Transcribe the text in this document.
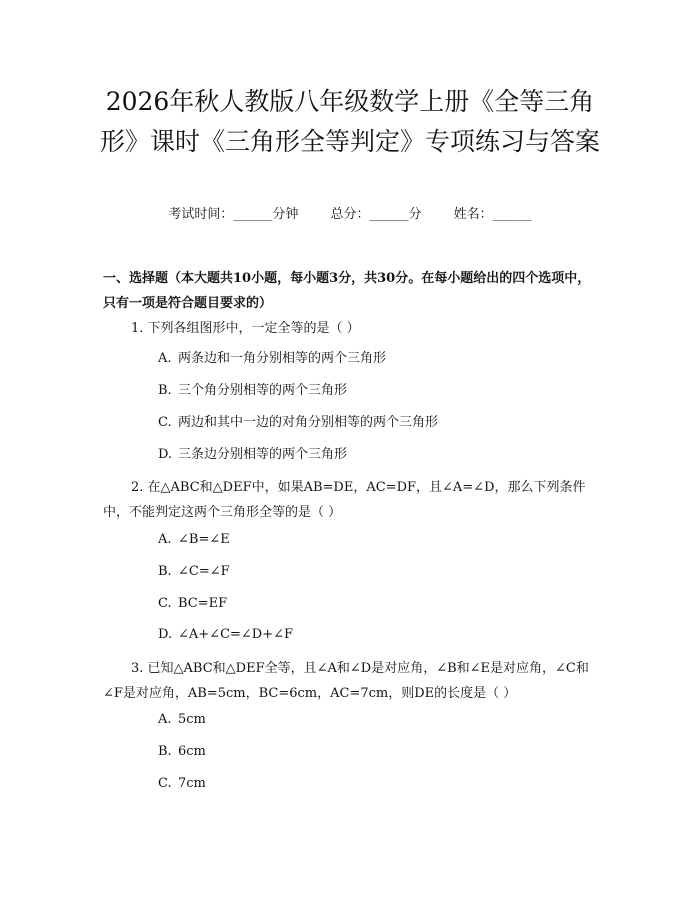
2026年秋人教版八年级数学上册《全等三角形》课时《三角形全等判定》专项练习与答案
考试时间：______分钟 总分：______分 姓名：______

一、选择题（本大题共10小题，每小题3分，共30分。在每小题给出的四个选项中，只有一项是符合题目要求的）

1. 下列各组图形中，一定全等的是（ ）

A. 两条边和一角分别相等的两个三角形
B. 三个角分别相等的两个三角形
C. 两边和其中一边的对角分别相等的两个三角形
D. 三条边分别相等的两个三角形

2. 在△ABC和△DEF中，如果AB=DE，AC=DF，且∠A=∠D，那么下列条件中，不能判定这两个三角形全等的是（ ）

A. ∠B=∠E
B. ∠C=∠F
C. BC=EF
D. ∠A+∠C=∠D+∠F

3. 已知△ABC和△DEF全等，且∠A和∠D是对应角，∠B和∠E是对应角，∠C和∠F是对应角，AB=5cm，BC=6cm，AC=7cm，则DE的长度是（ ）

A. 5cm
B. 6cm
C. 7cm
